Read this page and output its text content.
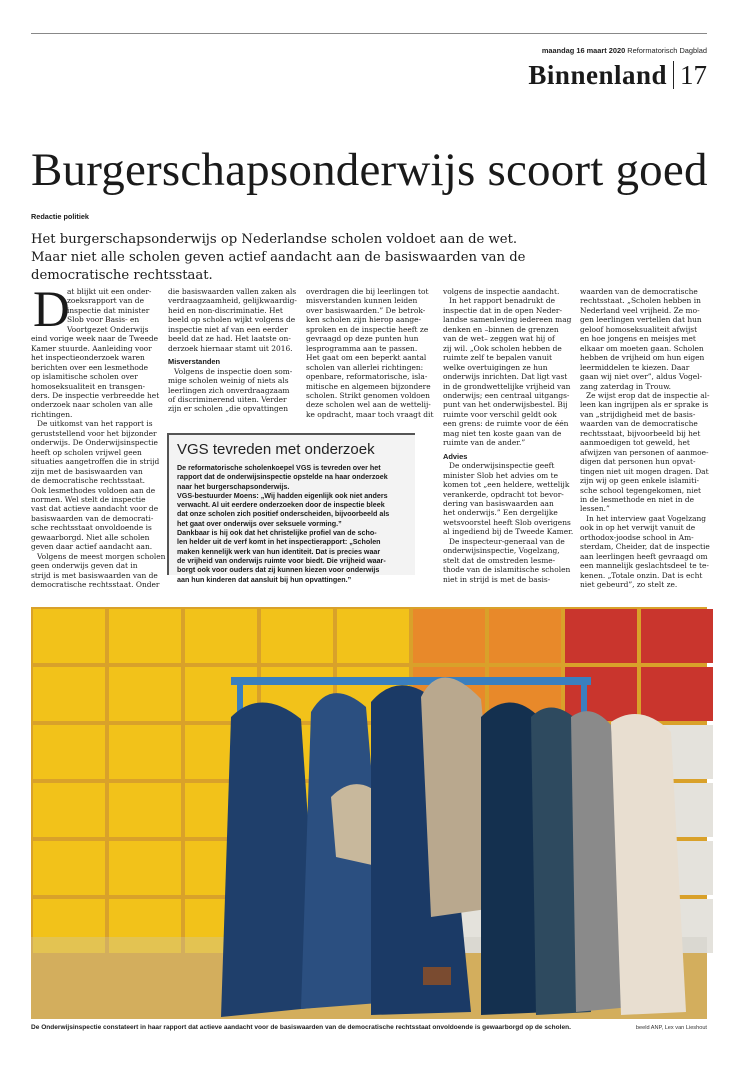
maandag 16 maart 2020 Reformatorisch Dagblad
Binnenland 17
Burgerschapsonderwijs scoort goed
Redactie politiek
Het burgerschapsonderwijs op Nederlandse scholen voldoet aan de wet. Maar niet alle scholen geven actief aandacht aan de basiswaarden van de democratische rechtsstaat.
D
at blijkt uit een onder-
zoeksrapport van de
inspectie dat minister
Slob voor Basis- en
Voortgezet Onderwijs
eind vorige week naar de Tweede
Kamer stuurde. Aanleiding voor
het inspectieonderzoek waren
berichten over een lesmethode
op islamitische scholen over
homoseksualiteit en transgen-
ders. De inspectie verbreedde het
onderzoek naar scholen van alle
richtingen.
De uitkomst van het rapport is
geruststellend voor het bijzonder
onderwijs. De Onderwijsinspectie
heeft op scholen vrijwel geen
situaties aangetroffen die in strijd
zijn met de basiswaarden van
de democratische rechtsstaat.
Ook lesmethodes voldoen aan de
normen. Wel stelt de inspectie
vast dat actieve aandacht voor de
basiswaarden van de democrati-
sche rechtsstaat onvoldoende is
gewaarborgd. Niet alle scholen
geven daar actief aandacht aan.
Volgens de meest morgen scholen
geen onderwijs geven dat in
strijd is met basiswaarden van de
democratische rechtsstaat. Onder
die basiswaarden vallen zaken als
verdraagzaamheid, gelijkwaardig-
heid en non-discriminatie. Het
beeld op scholen wijkt volgens de
inspectie niet af van een eerder
beeld dat ze had. Het laatste on-
derzoek hiernaar stamt uit 2016.
Misverstanden
Volgens de inspectie doen som-
mige scholen weinig of niets als
leerlingen zich onverdraagzaam
of discriminerend uiten. Verder
zijn er scholen „die opvattingen
overdragen die bij leerlingen tot
misverstanden kunnen leiden
over basiswaarden.” De betrok-
ken scholen zijn hierop aange-
sproken en de inspectie heeft ze
gevraagd op deze punten hun
lesprogramma aan te passen.
Het gaat om een beperkt aantal
scholen van allerlei richtingen:
openbare, reformatorische, isla-
mitische en algemeen bijzondere
scholen. Strikt genomen voldoen
deze scholen wel aan de wettelij-
ke opdracht, maar toch vraagt dit
volgens de inspectie aandacht.
In het rapport benadrukt de
inspectie dat in de open Neder-
landse samenleving iedereen mag
denken en –binnen de grenzen
van de wet– zeggen wat hij of
zij wil. „Ook scholen hebben de
ruimte zelf te bepalen vanuit
welke overtuigingen ze hun
onderwijs inrichten. Dat ligt vast
in de grondwettelijke vrijheid van
onderwijs; een centraal uitgangs-
punt van het onderwijsbestel. Bij
ruimte voor verschil geldt ook
een grens: de ruimte voor de één
mag niet ten koste gaan van de
ruimte van de ander.”
Advies
De onderwijsinspectie geeft
minister Slob het advies om te
komen tot „een heldere, wettelijk
verankerde, opdracht tot bevor-
dering van basiswaarden aan
het onderwijs.” Een dergelijke
wetsvoorstel heeft Slob overigens
al ingediend bij de Tweede Kamer.
De inspecteur-generaal van de
onderwijsinspectie, Vogelzang,
stelt dat de omstreden lesme-
thode van de islamitische scholen
niet in strijd is met de basis-
waarden van de democratische
rechtsstaat. „Scholen hebben in
Nederland veel vrijheid. Ze mo-
gen leerlingen vertellen dat hun
geloof homoseksualiteit afwijst
en hoe jongens en meisjes met
elkaar om moeten gaan. Scholen
hebben de vrijheid om hun eigen
leermiddelen te kiezen. Daar
gaan wij niet over”, aldus Vogel-
zang zaterdag in Trouw.
Ze wijst erop dat de inspectie al-
leen kan ingrijpen als er sprake is
van „strijdigheid met de basis-
waarden van de democratische
rechtsstaat, bijvoorbeeld bij het
aanmoedigen tot geweld, het
afwijzen van personen of aanmoe-
digen dat personen hun opvat-
tingen niet uit mogen dragen. Dat
zijn wij op geen enkele islamiti-
sche school tegengekomen, niet
in de lesmethode en niet in de
lessen.”
In het interview gaat Vogelzang
ook in op het verwijt vanuit de
orthodox-joodse school in Am-
sterdam, Cheider, dat de inspectie
aan leerlingen heeft gevraagd om
een mannelijk geslachtsdeel te te-
kenen. „Totale onzin. Dat is echt
niet gebeurd”, zo stelt ze.
VGS tevreden met onderzoek
De reformatorische scholenkoepel VGS is tevreden over het
rapport dat de onderwijsinspectie opstelde na haar onderzoek
naar het burgerschapsonderwijs.
VGS-bestuurder Moens: „Wij hadden eigenlijk ook niet anders
verwacht. Al uit eerdere onderzoeken door de inspectie bleek
dat onze scholen zich positief onderscheiden, bijvoorbeeld als
het gaat over onderwijs over seksuele vorming.”
Dankbaar is hij ook dat het christelijke profiel van de scho-
len helder uit de verf komt in het inspectierapport: „Scholen
maken kennelijk werk van hun identiteit. Dat is precies waar
de vrijheid van onderwijs ruimte voor biedt. Die vrijheid waar-
borgt ook voor ouders dat zij kunnen kiezen voor onderwijs
aan hun kinderen dat aansluit bij hun opvattingen.”
De Onderwijsinspectie constateert in haar rapport dat actieve aandacht voor de basiswaarden van de democratische rechtsstaat onvoldoende is gewaarborgd op de scholen.	beeld ANP, Lex van Lieshout
